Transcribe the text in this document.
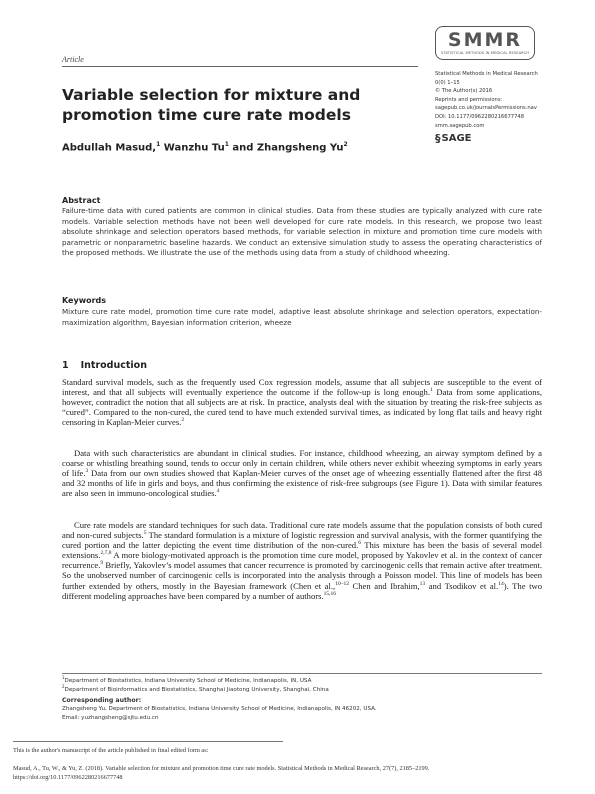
Article
SMMR
STATISTICAL METHODS IN MEDICAL RESEARCH
Statistical Methods in Medical Research
0(0) 1–15
© The Author(s) 2016
Reprints and permissions:
sagepub.co.uk/journalsPermissions.nav
DOI: 10.1177/0962280216677748
smm.sagepub.com
§ SAGE
Variable selection for mixture and promotion time cure rate models
Abdullah Masud,$^1$ Wanzhu Tu$^1$ and Zhangsheng Yu$^2$
Abstract

Failure-time data with cured patients are common in clinical studies. Data from these studies are typically analyzed with cure rate models. Variable selection methods have not been well developed for cure rate models. In this research, we propose two least absolute shrinkage and selection operators based methods, for variable selection in mixture and promotion time cure models with parametric or nonparametric baseline hazards. We conduct an extensive simulation study to assess the operating characteristics of the proposed methods. We illustrate the use of the methods using data from a study of childhood wheezing.

Keywords

Mixture cure rate model, promotion time cure rate model, adaptive least absolute shrinkage and selection operators, expectation-maximization algorithm, Bayesian information criterion, wheeze

1 Introduction

Standard survival models, such as the frequently used Cox regression models, assume that all subjects are susceptible to the event of interest, and that all subjects will eventually experience the outcome if the follow-up is long enough.$^1$ Data from some applications, however, contradict the notion that all subjects are at risk. In practice, analysts deal with the situation by treating the risk-free subjects as “cured”. Compared to the non-cured, the cured tend to have much extended survival times, as indicated by long flat tails and heavy right censoring in Kaplan-Meier curves.$^2$

Data with such characteristics are abundant in clinical studies. For instance, childhood wheezing, an airway symptom defined by a coarse or whistling breathing sound, tends to occur only in certain children, while others never exhibit wheezing symptoms in early years of life.$^3$ Data from our own studies showed that Kaplan-Meier curves of the onset age of wheezing essentially flattened after the first 48 and 32 months of life in girls and boys, and thus confirming the existence of risk-free subgroups (see Figure 1). Data with similar features are also seen in immuno-oncological studies.$^4$

Cure rate models are standard techniques for such data. Traditional cure rate models assume that the population consists of both cured and non-cured subjects.$^5$ The standard formulation is a mixture of logistic regression and survival analysis, with the former quantifying the cured portion and the latter depicting the event time distribution of the non-cured.$^6$ This mixture has been the basis of several model extensions.$^{2,7,8}$ A more biology-motivated approach is the promotion time cure model, proposed by Yakovlev et al. in the context of cancer recurrence.$^9$ Briefly, Yakovlev’s model assumes that cancer recurrence is promoted by carcinogenic cells that remain active after treatment. So the unobserved number of carcinogenic cells is incorporated into the analysis through a Poisson model. This line of models has been further extended by others, mostly in the Bayesian framework (Chen et al.,$^{10-12}$ Chen and Ibrahim,$^{13}$ and Tsodikov et al.$^{14}$). The two different modeling approaches have been compared by a number of authors.$^{15,16}$

$^1$Department of Biostatistics, Indiana University School of Medicine, Indianapolis, IN, USA

$^2$Department of Bioinformatics and Biostatistics, Shanghai Jiaotong University, Shanghai, China

Corresponding author:

Zhangsheng Yu, Department of Biostatistics, Indiana University School of Medicine, Indianapolis, IN 46202, USA.

Email: yuzhangsheng@sjtu.edu.cn

This is the author's manuscript of the article published in final edited form as:

Masud, A., Tu, W., & Yu, Z. (2018). Variable selection for mixture and promotion time cure rate models. Statistical Methods in Medical Research, 27(7), 2185–2199.

https://doi.org/10.1177/0962280216677748
